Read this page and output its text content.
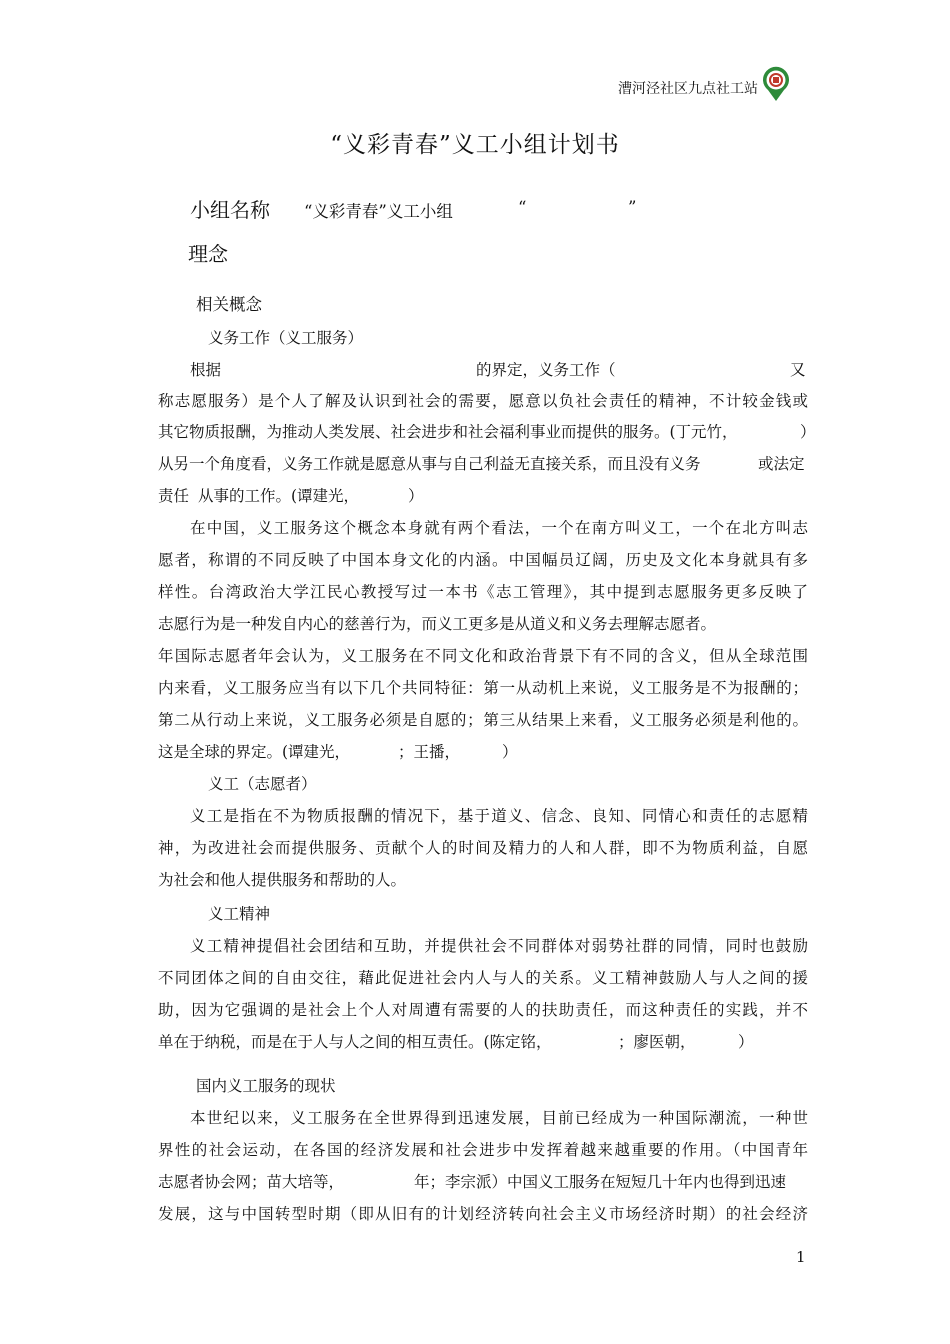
漕河泾社区九点社工站
“义彩青春”义工小组计划书
小组名称 “义彩青春”义工小组	“	”
理念
相关概念
义务工作（义工服务）
根据	的界定，义务工作（	又
称志愿服务）是个人了解及认识到社会的需要，愿意以负社会责任的精神，不计较金钱或
其它物质报酬，为推动人类发展、社会进步和社会福利事业而提供的服务。(丁元竹，	）
从另一个角度看，义务工作就是愿意从事与自己利益无直接关系，而且没有义务	或法定
责任 从事的工作。(谭建光，	）
在中国，义工服务这个概念本身就有两个看法，一个在南方叫义工，一个在北方叫志
愿者，称谓的不同反映了中国本身文化的内涵。中国幅员辽阔，历史及文化本身就具有多
样性。台湾政治大学江民心教授写过一本书《志工管理》，其中提到志愿服务更多反映了
志愿行为是一种发自内心的慈善行为，而义工更多是从道义和义务去理解志愿者。
年国际志愿者年会认为，义工服务在不同文化和政治背景下有不同的含义，但从全球范围
内来看，义工服务应当有以下几个共同特征：第一从动机上来说，义工服务是不为报酬的；
第二从行动上来说，义工服务必须是自愿的；第三从结果上来看，义工服务必须是利他的。
这是全球的界定。(谭建光，	；王播，	）
义工（志愿者）
义工是指在不为物质报酬的情况下，基于道义、信念、良知、同情心和责任的志愿精
神，为改进社会而提供服务、贡献个人的时间及精力的人和人群，即不为物质利益，自愿
为社会和他人提供服务和帮助的人。
义工精神
义工精神提倡社会团结和互助，并提供社会不同群体对弱势社群的同情，同时也鼓励
不同团体之间的自由交往，藉此促进社会内人与人的关系。义工精神鼓励人与人之间的援
助，因为它强调的是社会上个人对周遭有需要的人的扶助责任，而这种责任的实践，并不
单在于纳税，而是在于人与人之间的相互责任。(陈定铭，	；廖医朝，	）
国内义工服务的现状
本世纪以来，义工服务在全世界得到迅速发展，目前已经成为一种国际潮流，一种世
界性的社会运动，在各国的经济发展和社会进步中发挥着越来越重要的作用。（中国青年
志愿者协会网；苗大培等，	年；李宗派）中国义工服务在短短几十年内也得到迅速
发展，这与中国转型时期（即从旧有的计划经济转向社会主义市场经济时期）的社会经济
1
